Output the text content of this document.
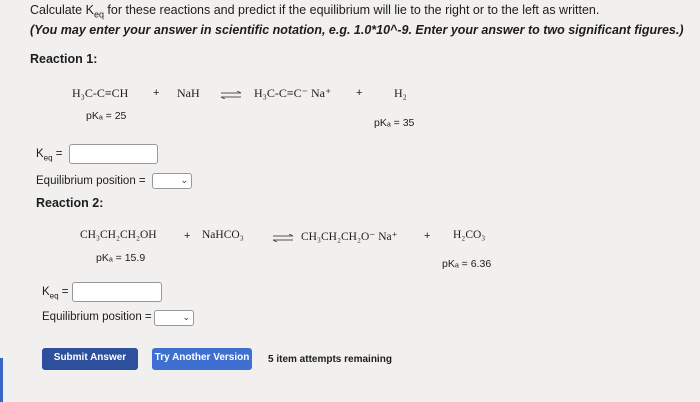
Calculate $K_{eq}$ for these reactions and predict if the equilibrium will lie to the right or to the left as written.
(You may enter your answer in scientific notation, e.g. 1.0*10^-9. Enter your answer to two significant figures.)
Reaction 1:
H₃C-C≡CH + NaH ⇌ H₃C-C≡C⁻ Na⁺ +	H₂
pKₐ = 25
pKₐ = 35
$K_{eq}$ =
Equilibrium position =	⌄
Reaction 2:
CH₃CH₂CH₂OH + NaHCO₃ ⇌ CH₃CH₂CH₂O⁻ Na⁺ + H₂CO₃
pKₐ = 15.9	pKₐ = 6.36
$K_{eq}$ =
Equilibrium position =	⌄
Submit Answer	Try Another Version 5 item attempts remaining
